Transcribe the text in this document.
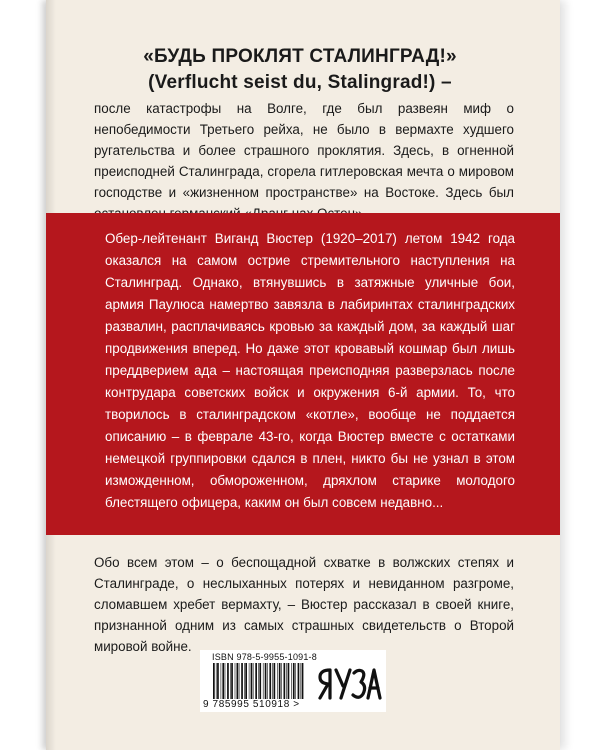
«БУДЬ ПРОКЛЯТ СТАЛИНГРАД!»
(Verflucht seist du, Stalingrad!) –

после катастрофы на Волге, где был развеян миф о непобедимости Третьего рейха, не было в вермахте худшего ругательства и более страшного проклятия. Здесь, в огненной преисподней Сталинграда, сгорела гитлеровская мечта о мировом господстве и «жизненном пространстве» на Востоке. Здесь был

Обер-лейтенант Виганд Вюстер (1920–2017) летом 1942 года оказался на самом острие стремительного наступления на Сталинград. Однако, втянувшись в затяжные уличные бои, армия Паулюса намертво завязла в лабиринтах сталинградских развалин, расплачиваясь кровью за каждый дом, за каждый шаг продвижения вперед. Но даже этот кровавый кошмар был лишь преддверием ада – настоящая преисподняя разверзлась после контрудара советских войск и окружения 6-й армии. То, что творилось в сталинградском «котле», вообще не поддается описанию – в феврале 43-го, когда Вюстер вместе с остатками немецкой группировки сдался в плен, никто бы не узнал в этом изможденном, обмороженном, дряхлом старике молодого блестящего офицера, каким он был совсем недавно...

Обо всем этом – о беспощадной схватке в волжских степях и Сталинграде, о неслыханных потерях и невиданном разгроме, сломавшем хребет вермахту, – Вюстер рассказал в своей книге, признанной одним из самых страшных свидетельств о Второй мировой войне.

ISBN 978-5-9955-1091-8
9 785995 510918 >
